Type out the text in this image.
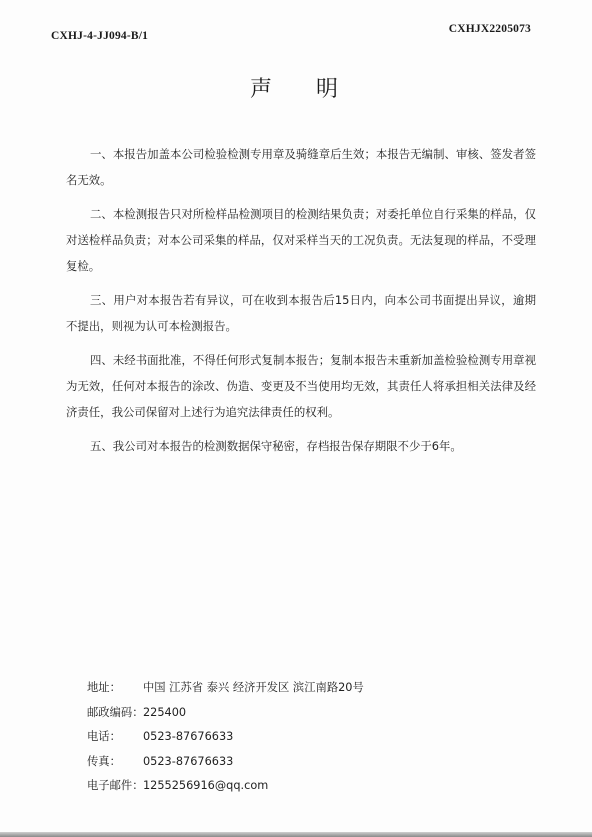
CXHJ-4-JJ094-B/1
CXHJX2205073
声明

一、本报告加盖本公司检验检测专用章及骑缝章后生效；本报告无编制、审核、签发者签名无效。

二、本检测报告只对所检样品检测项目的检测结果负责；对委托单位自行采集的样品，仅对送检样品负责；对本公司采集的样品，仅对采样当天的工况负责。无法复现的样品，不受理复检。

三、用户对本报告若有异议，可在收到本报告后15日内，向本公司书面提出异议，逾期不提出，则视为认可本检测报告。

四、未经书面批准，不得任何形式复制本报告；复制本报告未重新加盖检验检测专用章视为无效，任何对本报告的涂改、伪造、变更及不当使用均无效，其责任人将承担相关法律及经济责任，我公司保留对上述行为追究法律责任的权利。

五、我公司对本报告的检测数据保守秘密，存档报告保存期限不少于6年。

地址： 中国 江苏省 泰兴 经济开发区 滨江南路20号
邮政编码：225400
电话： 0523-87676633
传真： 0523-87676633
电子邮件：1255256916@qq.com
